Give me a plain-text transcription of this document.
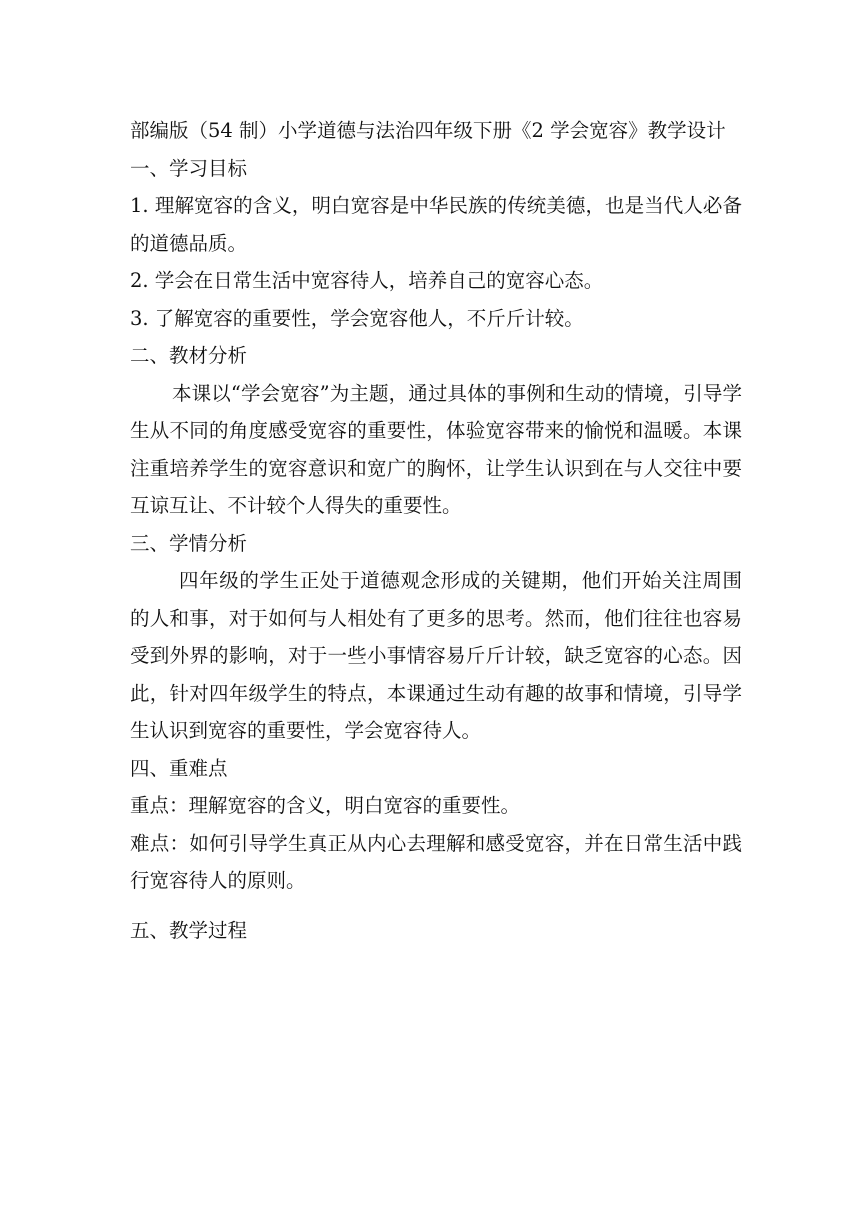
部编版（54 制）小学道德与法治四年级下册《2 学会宽容》教学设计

一、学习目标

1. 理解宽容的含义，明白宽容是中华民族的传统美德，也是当代人必备的道德品质。

2. 学会在日常生活中宽容待人，培养自己的宽容心态。

3. 了解宽容的重要性，学会宽容他人，不斤斤计较。

二、教材分析

本课以“学会宽容”为主题，通过具体的事例和生动的情境，引导学生从不同的角度感受宽容的重要性，体验宽容带来的愉悦和温暖。本课注重培养学生的宽容意识和宽广的胸怀，让学生认识到在与人交往中要互谅互让、不计较个人得失的重要性。

三、学情分析

四年级的学生正处于道德观念形成的关键期，他们开始关注周围的人和事，对于如何与人相处有了更多的思考。然而，他们往往也容易受到外界的影响，对于一些小事情容易斤斤计较，缺乏宽容的心态。因此，针对四年级学生的特点，本课通过生动有趣的故事和情境，引导学生认识到宽容的重要性，学会宽容待人。

四、重难点

重点：理解宽容的含义，明白宽容的重要性。

难点：如何引导学生真正从内心去理解和感受宽容，并在日常生活中践行宽容待人的原则。

五、教学过程
